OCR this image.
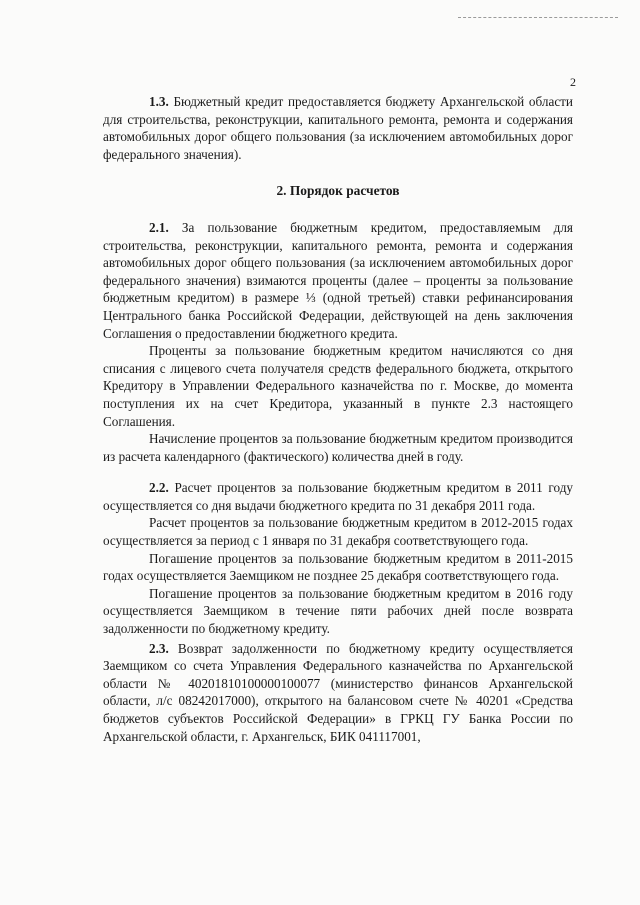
2

1.3. Бюджетный кредит предоставляется бюджету Архангельской области для строительства, реконструкции, капитального ремонта, ремонта и содержания автомобильных дорог общего пользования (за исключением автомобильных дорог федерального значения).

2. Порядок расчетов

2.1. За пользование бюджетным кредитом, предоставляемым для строительства, реконструкции, капитального ремонта, ремонта и содержания автомобильных дорог общего пользования (за исключением автомобильных дорог федерального значения) взимаются проценты (далее – проценты за пользование бюджетным кредитом) в размере ⅓ (одной третьей) ставки рефинансирования Центрального банка Российской Федерации, действующей на день заключения Соглашения о предоставлении бюджетного кредита.

Проценты за пользование бюджетным кредитом начисляются со дня списания с лицевого счета получателя средств федерального бюджета, открытого Кредитору в Управлении Федерального казначейства по г. Москве, до момента поступления их на счет Кредитора, указанный в пункте 2.3 настоящего Соглашения.

Начисление процентов за пользование бюджетным кредитом производится из расчета календарного (фактического) количества дней в году.

2.2. Расчет процентов за пользование бюджетным кредитом в 2011 году осуществляется со дня выдачи бюджетного кредита по 31 декабря 2011 года.

Расчет процентов за пользование бюджетным кредитом в 2012-2015 годах осуществляется за период с 1 января по 31 декабря соответствующего года.

Погашение процентов за пользование бюджетным кредитом в 2011-2015 годах осуществляется Заемщиком не позднее 25 декабря соответствующего года.

Погашение процентов за пользование бюджетным кредитом в 2016 году осуществляется Заемщиком в течение пяти рабочих дней после возврата задолженности по бюджетному кредиту.

2.3. Возврат задолженности по бюджетному кредиту осуществляется Заемщиком со счета Управления Федерального казначейства по Архангельской области № 40201810100000100077 (министерство финансов Архангельской области, л/с 08242017000), открытого на балансовом счете № 40201 «Средства бюджетов субъектов Российской Федерации» в ГРКЦ ГУ Банка России по Архангельской области, г. Архангельск, БИК 041117001,
